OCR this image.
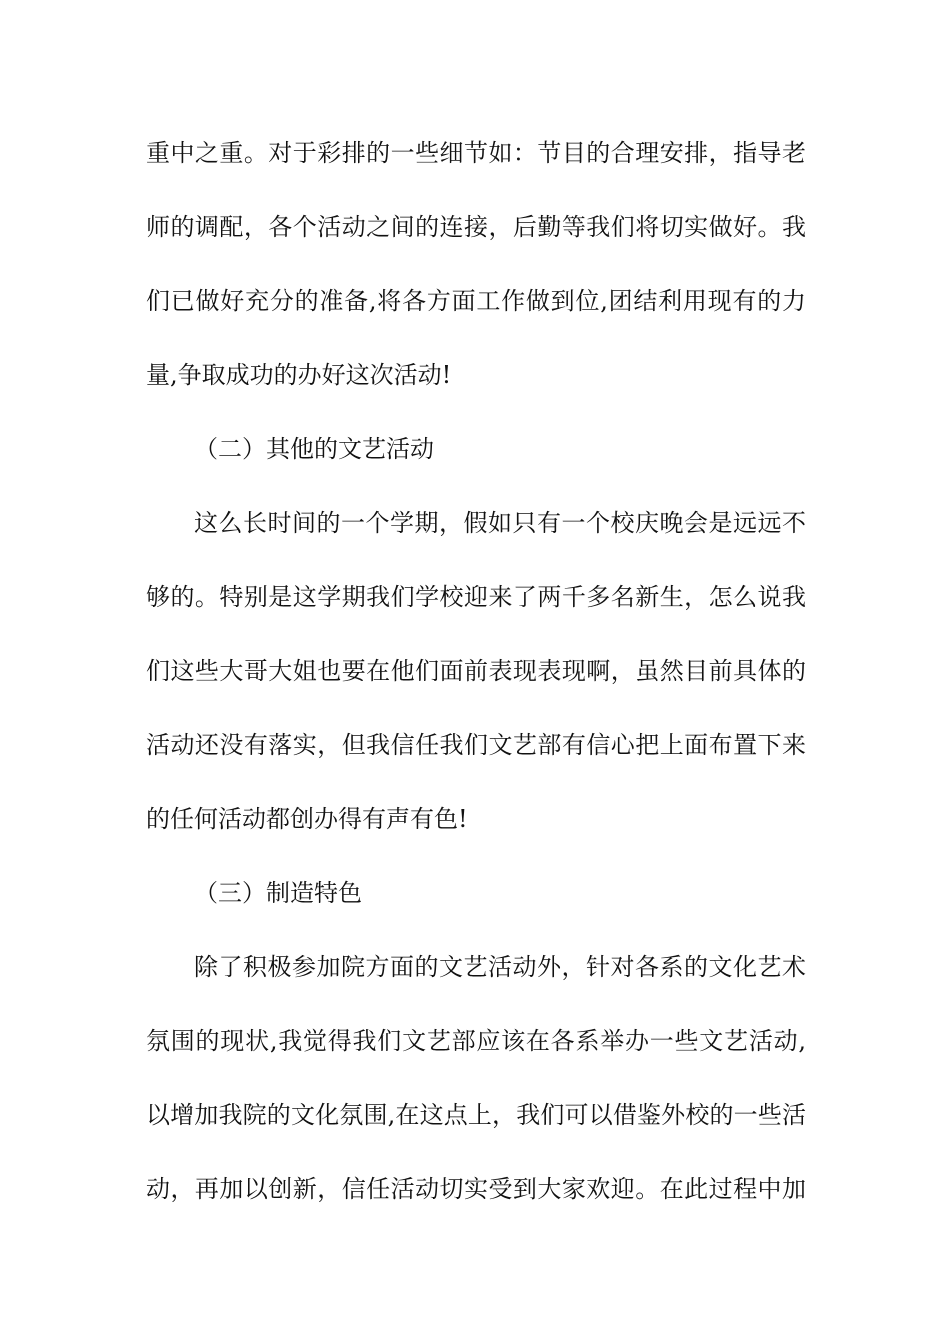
重中之重。对于彩排的一些细节如：节目的合理安排，指导老
师的调配，各个活动之间的连接，后勤等我们将切实做好。我
们已做好充分的准备,将各方面工作做到位,团结利用现有的力
量,争取成功的办好这次活动!
（二）其他的文艺活动
这么长时间的一个学期，假如只有一个校庆晚会是远远不
够的。特别是这学期我们学校迎来了两千多名新生，怎么说我
们这些大哥大姐也要在他们面前表现表现啊，虽然目前具体的
活动还没有落实，但我信任我们文艺部有信心把上面布置下来
的任何活动都创办得有声有色!
（三）制造特色
除了积极参加院方面的文艺活动外，针对各系的文化艺术
氛围的现状,我觉得我们文艺部应该在各系举办一些文艺活动,
以增加我院的文化氛围,在这点上，我们可以借鉴外校的一些活
动，再加以创新，信任活动切实受到大家欢迎。在此过程中加
